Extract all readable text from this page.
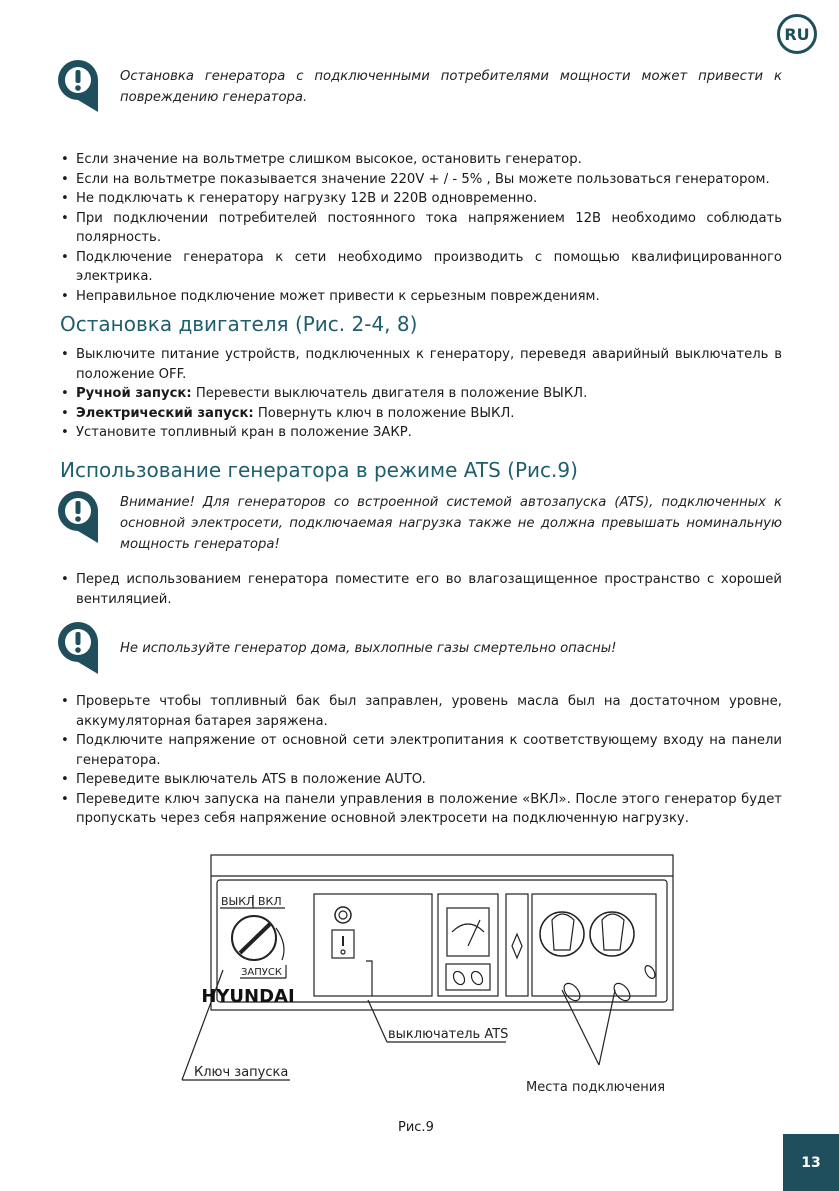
RU
Остановка генератора с подключенными потребителями мощности может привести к повреждению генератора.
• Если значение на вольтметре слишком высокое, остановить генератор.
• Если на вольтметре показывается значение 220V + / - 5% , Вы можете пользоваться генератором.
• Не подключать к генератору нагрузку 12В и 220В одновременно.
• При подключении потребителей постоянного тока напряжением 12В необходимо соблюдать полярность.
• Подключение генератора к сети необходимо производить с помощью квалифицированного электрика.
• Неправильное подключение может привести к серьезным повреждениям.
Остановка двигателя (Рис. 2-4, 8)
• Выключите питание устройств, подключенных к генератору, переведя аварийный выключатель в положение OFF.
• Ручной запуск: Перевести выключатель двигателя в положение ВЫКЛ.
• Электрический запуск: Повернуть ключ в положение ВЫКЛ.
• Установите топливный кран в положение ЗАКР.
Использование генератора в режиме ATS (Рис.9)
Внимание! Для генераторов со встроенной системой автозапуска (ATS), подключенных к основной электросети, подключаемая нагрузка также не должна превышать номинальную мощность генератора!
• Перед использованием генератора поместите его во влагозащищенное пространство с хорошей вентиляцией.
Не используйте генератор дома, выхлопные газы смертельно опасны!
• Проверьте чтобы топливный бак был заправлен, уровень масла был на достаточном уровне, аккумуляторная батарея заряжена.
• Подключите напряжение от основной сети электропитания к соответствующему входу на панели генератора.
• Переведите выключатель ATS в положение AUTO.
• Переведите ключ запуска на панели управления в положение «ВКЛ». После этого генератор будет пропускать через себя напряжение основной электросети на подключенную нагрузку.
ВЫКЛ ВКЛ
ЗАПУСК
HYUNDAI
выключатель ATS
Ключ запуска
Места подключения
Рис.9
13
